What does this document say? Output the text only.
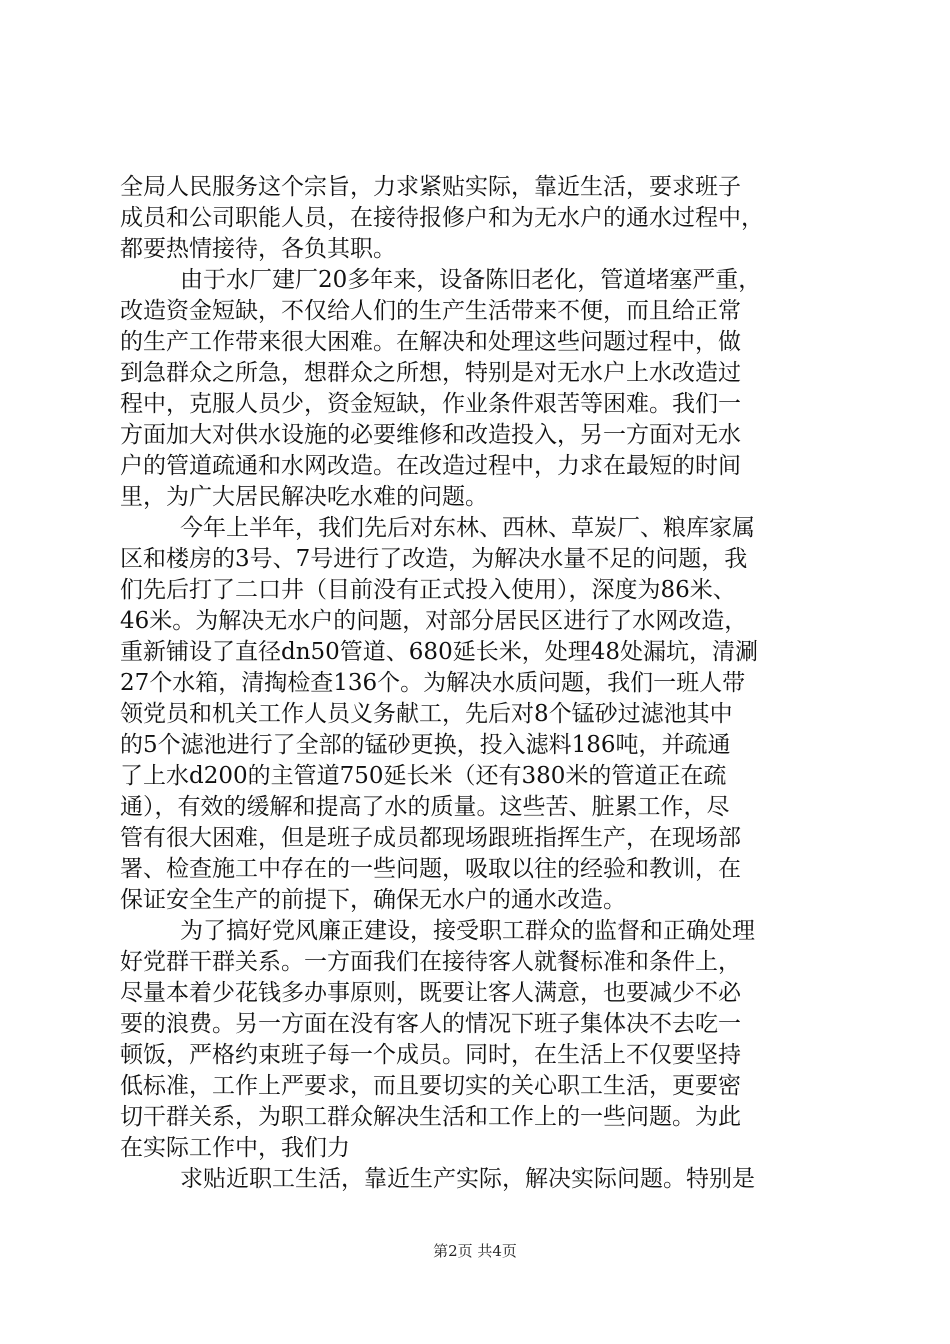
全局人民服务这个宗旨，力求紧贴实际，靠近生活，要求班子
成员和公司职能人员，在接待报修户和为无水户的通水过程中，
都要热情接待，各负其职。
由于水厂建厂20多年来，设备陈旧老化，管道堵塞严重，
改造资金短缺，不仅给人们的生产生活带来不便，而且给正常
的生产工作带来很大困难。在解决和处理这些问题过程中，做
到急群众之所急，想群众之所想，特别是对无水户上水改造过
程中，克服人员少，资金短缺，作业条件艰苦等困难。我们一
方面加大对供水设施的必要维修和改造投入，另一方面对无水
户的管道疏通和水网改造。在改造过程中，力求在最短的时间
里，为广大居民解决吃水难的问题。
今年上半年，我们先后对东林、西林、草炭厂、粮库家属
区和楼房的3号、7号进行了改造，为解决水量不足的问题，我
们先后打了二口井（目前没有正式投入使用），深度为86米、
46米。为解决无水户的问题，对部分居民区进行了水网改造，
重新铺设了直径dn50管道、680延长米，处理48处漏坑，清涮
27个水箱，清掏检查136个。为解决水质问题，我们一班人带
领党员和机关工作人员义务献工，先后对8个锰砂过滤池其中
的5个滤池进行了全部的锰砂更换，投入滤料186吨，并疏通
了上水d200的主管道750延长米（还有380米的管道正在疏
通），有效的缓解和提高了水的质量。这些苦、脏累工作，尽
管有很大困难，但是班子成员都现场跟班指挥生产，在现场部
署、检查施工中存在的一些问题，吸取以往的经验和教训，在
保证安全生产的前提下，确保无水户的通水改造。
为了搞好党风廉正建设，接受职工群众的监督和正确处理
好党群干群关系。一方面我们在接待客人就餐标准和条件上，
尽量本着少花钱多办事原则，既要让客人满意，也要减少不必
要的浪费。另一方面在没有客人的情况下班子集体决不去吃一
顿饭，严格约束班子每一个成员。同时，在生活上不仅要坚持
低标准，工作上严要求，而且要切实的关心职工生活，更要密
切干群关系，为职工群众解决生活和工作上的一些问题。为此
在实际工作中，我们力
求贴近职工生活，靠近生产实际，解决实际问题。特别是
第2页 共4页
